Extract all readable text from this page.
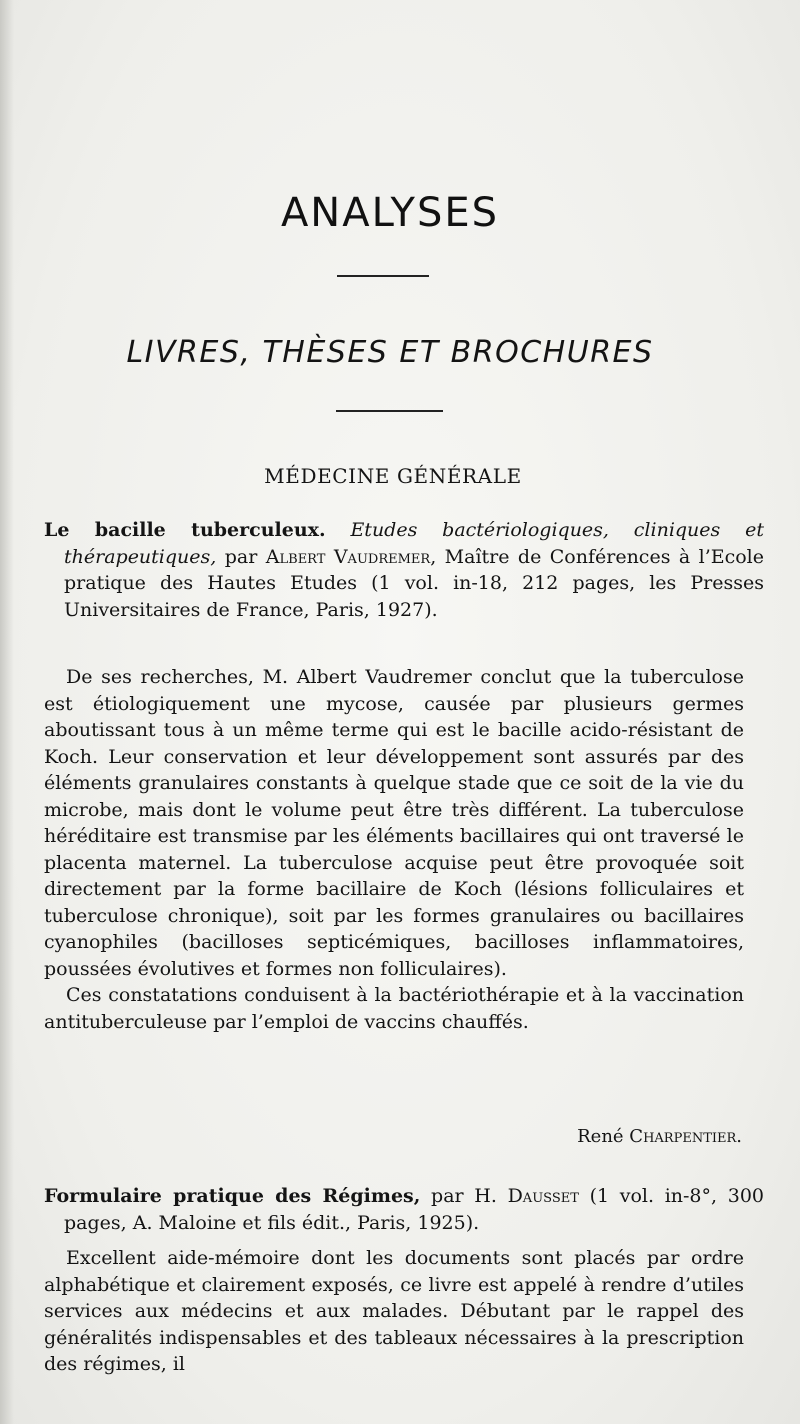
ANALYSES
LIVRES, THÈSES ET BROCHURES
MÉDECINE GÉNÉRALE

Le bacille tuberculeux. Etudes bactériologiques, cliniques et thérapeutiques, par Albert Vaudremer, Maître de Conférences à l’Ecole pratique des Hautes Etudes (1 vol. in-18, 212 pages, les Presses Universitaires de France, Paris, 1927).

De ses recherches, M. Albert Vaudremer conclut que la tuberculose est étiologiquement une mycose, causée par plusieurs germes aboutissant tous à un même terme qui est le bacille acido-résistant de Koch. Leur conservation et leur développement sont assurés par des éléments granulaires constants à quelque stade que ce soit de la vie du microbe, mais dont le volume peut être très différent. La tuberculose héréditaire est transmise par les éléments bacillaires qui ont traversé le placenta maternel. La tuberculose acquise peut être provoquée soit directement par la forme bacillaire de Koch (lésions folliculaires et tuberculose chronique), soit par les formes granulaires ou bacillaires cyanophiles (bacilloses septicémiques, bacilloses inflammatoires, poussées évolutives et formes non folliculaires).

Ces constatations conduisent à la bactériothérapie et à la vaccination antituberculeuse par l’emploi de vaccins chauffés.

René Charpentier.

Formulaire pratique des Régimes, par H. Dausset (1 vol. in-8°, 300 pages, A. Maloine et fils édit., Paris, 1925).

Excellent aide-mémoire dont les documents sont placés par ordre alphabétique et clairement exposés, ce livre est appelé à rendre d’utiles services aux médecins et aux malades. Débutant par le rappel des généralités indispensables et des tableaux nécessaires à la prescription des régimes, il
